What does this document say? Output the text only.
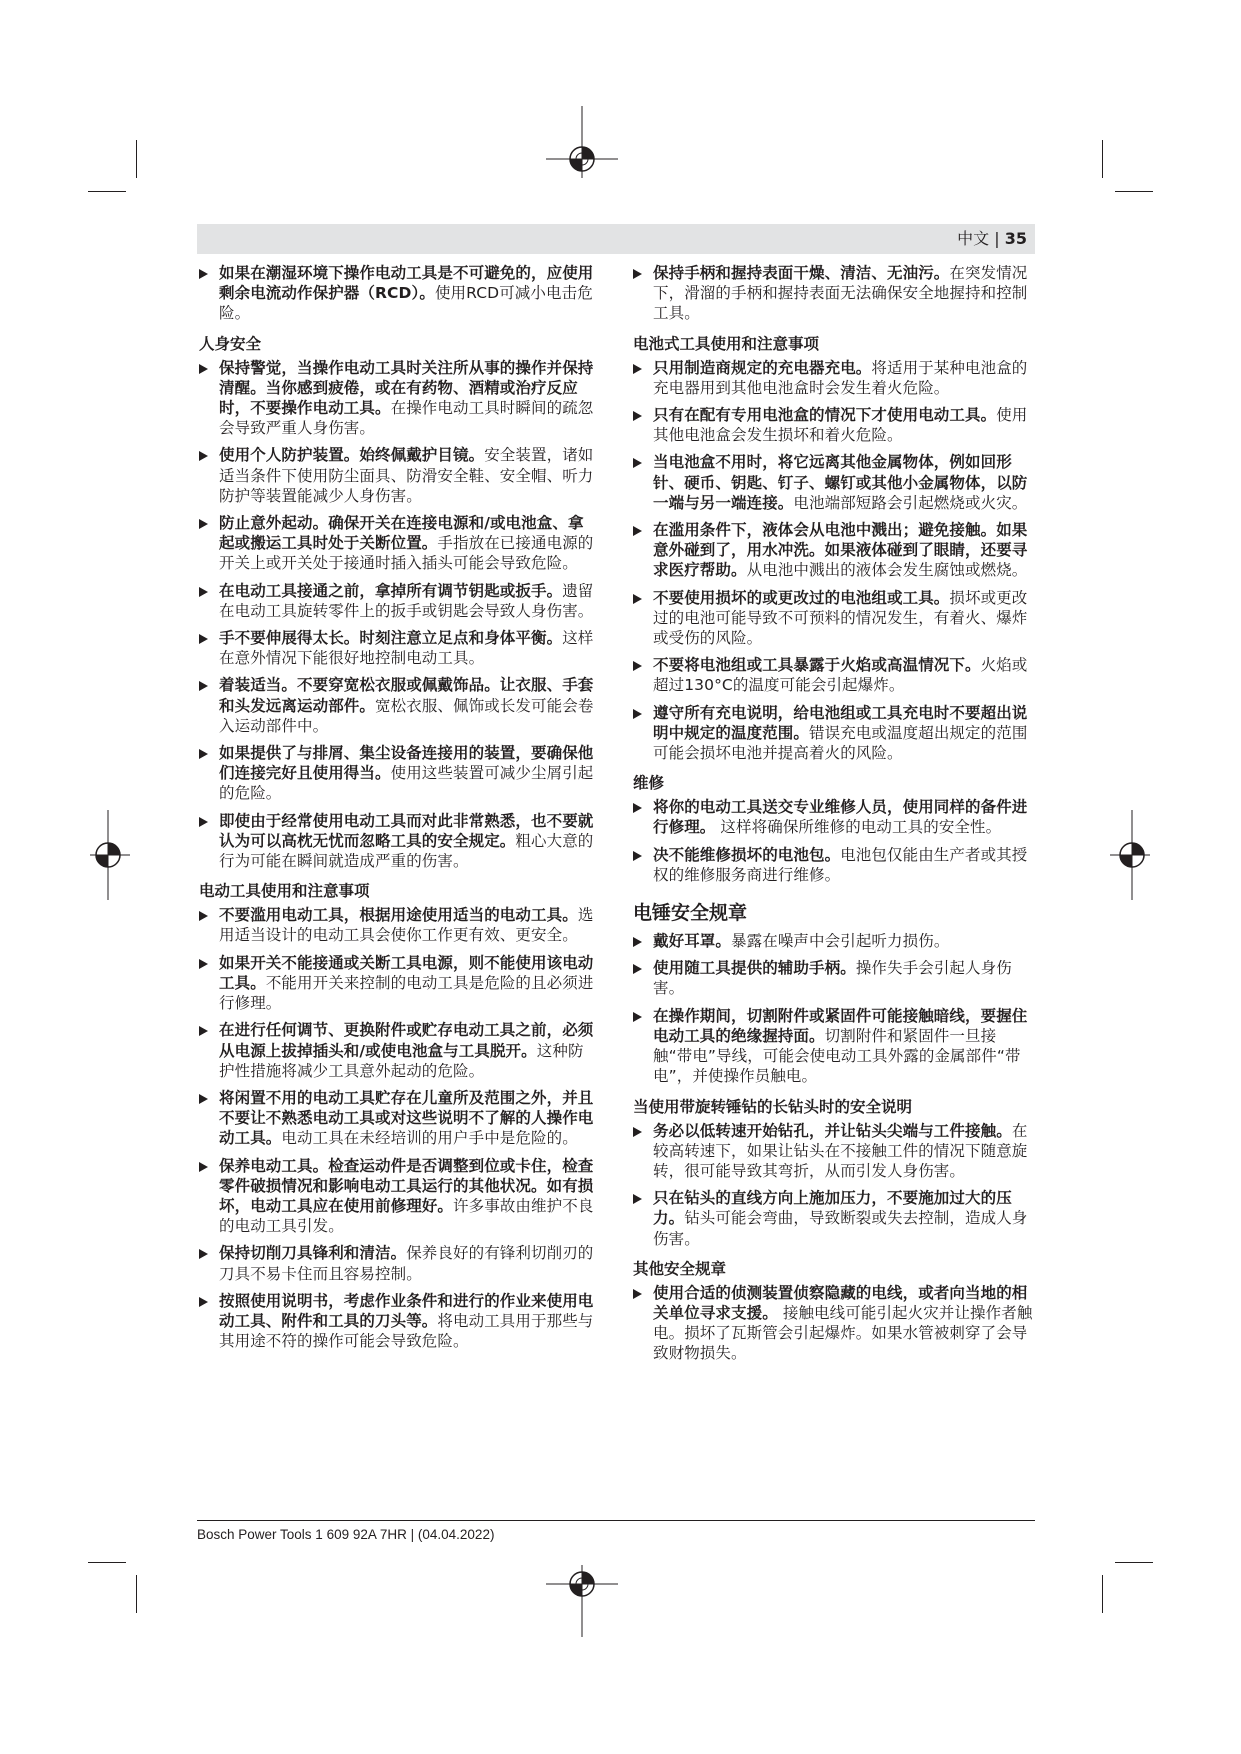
中文 | 35
如果在潮湿环境下操作电动工具是不可避免的，应使用剩余电流动作保护器（RCD）。使用RCD可减小电击危险。
人身安全
保持警觉，当操作电动工具时关注所从事的操作并保持清醒。当你感到疲倦，或在有药物、酒精或治疗反应时，不要操作电动工具。在操作电动工具时瞬间的疏忽会导致严重人身伤害。
使用个人防护装置。始终佩戴护目镜。安全装置，诸如适当条件下使用防尘面具、防滑安全鞋、安全帽、听力防护等装置能减少人身伤害。
防止意外起动。确保开关在连接电源和/或电池盒、拿起或搬运工具时处于关断位置。手指放在已接通电源的开关上或开关处于接通时插入插头可能会导致危险。
在电动工具接通之前，拿掉所有调节钥匙或扳手。遗留在电动工具旋转零件上的扳手或钥匙会导致人身伤害。
手不要伸展得太长。时刻注意立足点和身体平衡。这样在意外情况下能很好地控制电动工具。
着装适当。不要穿宽松衣服或佩戴饰品。让衣服、手套和头发远离运动部件。宽松衣服、佩饰或长发可能会卷入运动部件中。
如果提供了与排屑、集尘设备连接用的装置，要确保他们连接完好且使用得当。使用这些装置可减少尘屑引起的危险。
即使由于经常使用电动工具而对此非常熟悉，也不要就认为可以高枕无忧而忽略工具的安全规定。粗心大意的行为可能在瞬间就造成严重的伤害。
电动工具使用和注意事项
不要滥用电动工具，根据用途使用适当的电动工具。选用适当设计的电动工具会使你工作更有效、更安全。
如果开关不能接通或关断工具电源，则不能使用该电动工具。不能用开关来控制的电动工具是危险的且必须进行修理。
在进行任何调节、更换附件或贮存电动工具之前，必须从电源上拔掉插头和/或使电池盒与工具脱开。这种防护性措施将减少工具意外起动的危险。
将闲置不用的电动工具贮存在儿童所及范围之外，并且不要让不熟悉电动工具或对这些说明不了解的人操作电动工具。电动工具在未经培训的用户手中是危险的。
保养电动工具。检查运动件是否调整到位或卡住，检查零件破损情况和影响电动工具运行的其他状况。如有损坏，电动工具应在使用前修理好。许多事故由维护不良的电动工具引发。
保持切削刀具锋利和清洁。保养良好的有锋利切削刃的刀具不易卡住而且容易控制。
按照使用说明书，考虑作业条件和进行的作业来使用电动工具、附件和工具的刀头等。将电动工具用于那些与其用途不符的操作可能会导致危险。
保持手柄和握持表面干燥、清洁、无油污。在突发情况下，滑溜的手柄和握持表面无法确保安全地握持和控制工具。
电池式工具使用和注意事项
只用制造商规定的充电器充电。将适用于某种电池盒的充电器用到其他电池盒时会发生着火危险。
只有在配有专用电池盒的情况下才使用电动工具。使用其他电池盒会发生损坏和着火危险。
当电池盒不用时，将它远离其他金属物体，例如回形针、硬币、钥匙、钉子、螺钉或其他小金属物体，以防一端与另一端连接。电池端部短路会引起燃烧或火灾。
在滥用条件下，液体会从电池中溅出；避免接触。如果意外碰到了，用水冲洗。如果液体碰到了眼睛，还要寻求医疗帮助。从电池中溅出的液体会发生腐蚀或燃烧。
不要使用损坏的或更改过的电池组或工具。损坏或更改过的电池可能导致不可预料的情况发生，有着火、爆炸或受伤的风险。
不要将电池组或工具暴露于火焰或高温情况下。火焰或超过130°C的温度可能会引起爆炸。
遵守所有充电说明，给电池组或工具充电时不要超出说明中规定的温度范围。错误充电或温度超出规定的范围可能会损坏电池并提高着火的风险。
维修
将你的电动工具送交专业维修人员，使用同样的备件进行修理。 这样将确保所维修的电动工具的安全性。
决不能维修损坏的电池包。电池包仅能由生产者或其授权的维修服务商进行维修。
电锤安全规章
戴好耳罩。暴露在噪声中会引起听力损伤。
使用随工具提供的辅助手柄。操作失手会引起人身伤害。
在操作期间，切割附件或紧固件可能接触暗线，要握住电动工具的绝缘握持面。切割附件和紧固件一旦接触“带电”导线，可能会使电动工具外露的金属部件“带电”，并使操作员触电。
当使用带旋转锤钻的长钻头时的安全说明
务必以低转速开始钻孔，并让钻头尖端与工件接触。在较高转速下，如果让钻头在不接触工件的情况下随意旋转，很可能导致其弯折，从而引发人身伤害。
只在钻头的直线方向上施加压力，不要施加过大的压力。钻头可能会弯曲，导致断裂或失去控制，造成人身伤害。
其他安全规章
使用合适的侦测装置侦察隐藏的电线，或者向当地的相关单位寻求支援。 接触电线可能引起火灾并让操作者触电。损坏了瓦斯管会引起爆炸。如果水管被刺穿了会导致财物损失。
Bosch Power Tools 1 609 92A 7HR | (04.04.2022)
